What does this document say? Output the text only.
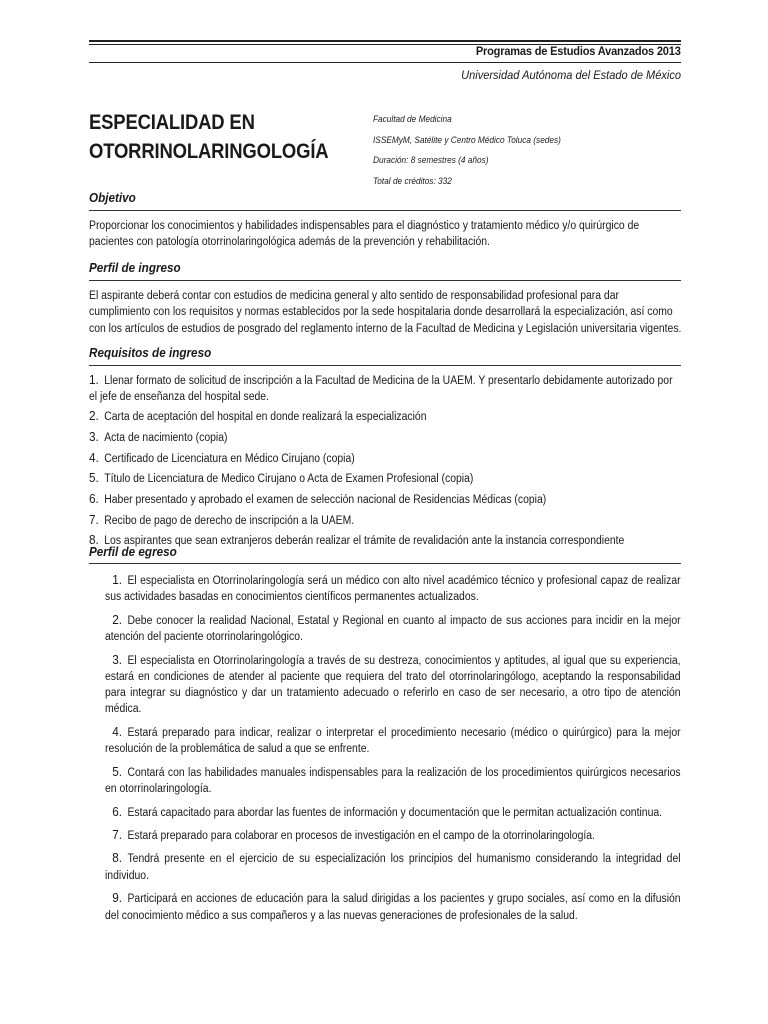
Programas de Estudios Avanzados 2013
Universidad Autónoma del Estado de México
ESPECIALIDAD EN
OTORRINOLARINGOLOGÍA
Facultad de Medicina
ISSEMyM, Satélite y Centro Médico Toluca (sedes)
Duración: 8 semestres (4 años)
Total de créditos: 332
Objetivo
Proporcionar los conocimientos y habilidades indispensables para el diagnóstico y tratamiento médico y/o quirúrgico de pacientes con patología otorrinolaringológica además de la prevención y rehabilitación.
Perfil de ingreso
El aspirante deberá contar con estudios de medicina general y alto sentido de responsabilidad profesional para dar cumplimiento con los requisitos y normas establecidos por la sede hospitalaria donde desarrollará la especialización, así como con los artículos de estudios de posgrado del reglamento interno de la Facultad de Medicina y Legislación universitaria vigentes.
Requisitos de ingreso
1. Llenar formato de solicitud de inscripción a la Facultad de Medicina de la UAEM. Y presentarlo debidamente autorizado por el jefe de enseñanza del hospital sede.
2. Carta de aceptación del hospital en donde realizará la especialización
3. Acta de nacimiento (copia)
4. Certificado de Licenciatura en Médico Cirujano (copia)
5. Título de Licenciatura de Medico Cirujano o Acta de Examen Profesional (copia)
6. Haber presentado y aprobado el examen de selección nacional de Residencias Médicas (copia)
7. Recibo de pago de derecho de inscripción a la UAEM.
8. Los aspirantes que sean extranjeros deberán realizar el trámite de revalidación ante la instancia correspondiente
Perfil de egreso
1. El especialista en Otorrinolaringología será un médico con alto nivel académico técnico y profesional capaz de realizar sus actividades basadas en conocimientos científicos permanentes actualizados.
2. Debe conocer la realidad Nacional, Estatal y Regional en cuanto al impacto de sus acciones para incidir en la mejor atención del paciente otorrinolaringológico.
3. El especialista en Otorrinolaringología a través de su destreza, conocimientos y aptitudes, al igual que su experiencia, estará en condiciones de atender al paciente que requiera del trato del otorrinolaringólogo, aceptando la responsabilidad para integrar su diagnóstico y dar un tratamiento adecuado o referirlo en caso de ser necesario, a otro tipo de atención médica.
4. Estará preparado para indicar, realizar o interpretar el procedimiento necesario (médico o quirúrgico) para la mejor resolución de la problemática de salud a que se enfrente.
5. Contará con las habilidades manuales indispensables para la realización de los procedimientos quirúrgicos necesarios en otorrinolaringología.
6. Estará capacitado para abordar las fuentes de información y documentación que le permitan actualización continua.
7. Estará preparado para colaborar en procesos de investigación en el campo de la otorrinolaringología.
8. Tendrá presente en el ejercicio de su especialización los principios del humanismo considerando la integridad del individuo.
9. Participará en acciones de educación para la salud dirigidas a los pacientes y grupo sociales, así como en la difusión del conocimiento médico a sus compañeros y a las nuevas generaciones de profesionales de la salud.
